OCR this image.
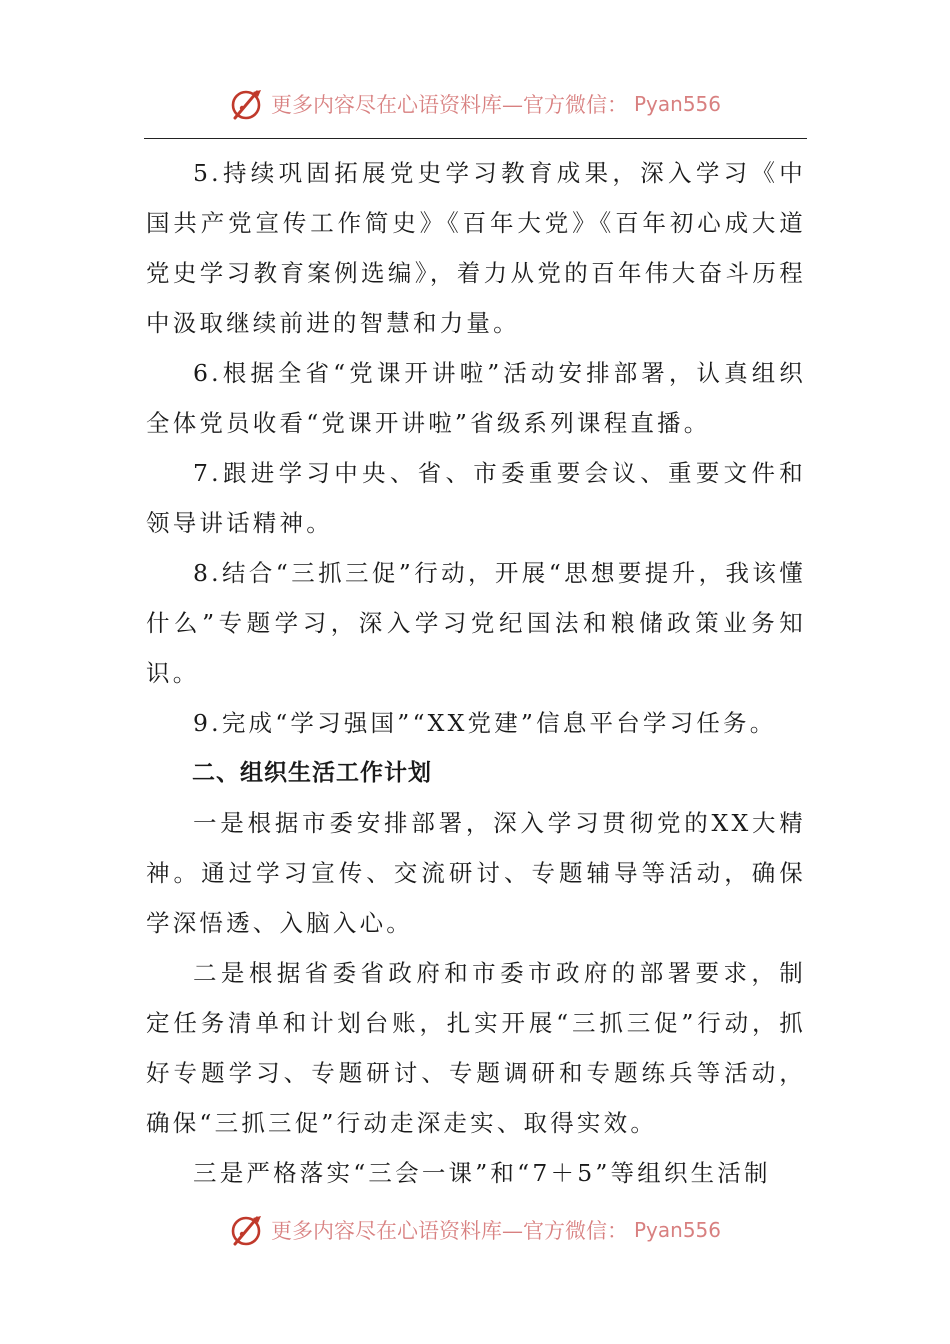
更多内容尽在心语资料库—官方微信： Pyan556

5.持续巩固拓展党史学习教育成果，深入学习《中国共产党宣传工作简史》《百年大党》《百年初心成大道党史学习教育案例选编》，着力从党的百年伟大奋斗历程中汲取继续前进的智慧和力量。

6.根据全省“党课开讲啦”活动安排部署，认真组织全体党员收看“党课开讲啦”省级系列课程直播。

7.跟进学习中央、省、市委重要会议、重要文件和领导讲话精神。

8.结合“三抓三促”行动，开展“思想要提升，我该懂什么”专题学习，深入学习党纪国法和粮储政策业务知识。

9.完成“学习强国”“XX党建”信息平台学习任务。

二、组织生活工作计划

一是根据市委安排部署，深入学习贯彻党的XX大精神。通过学习宣传、交流研讨、专题辅导等活动，确保学深悟透、入脑入心。

二是根据省委省政府和市委市政府的部署要求，制定任务清单和计划台账，扎实开展“三抓三促”行动，抓好专题学习、专题研讨、专题调研和专题练兵等活动，确保“三抓三促”行动走深走实、取得实效。

三是严格落实“三会一课”和“7＋5”等组织生活制

更多内容尽在心语资料库—官方微信： Pyan556
